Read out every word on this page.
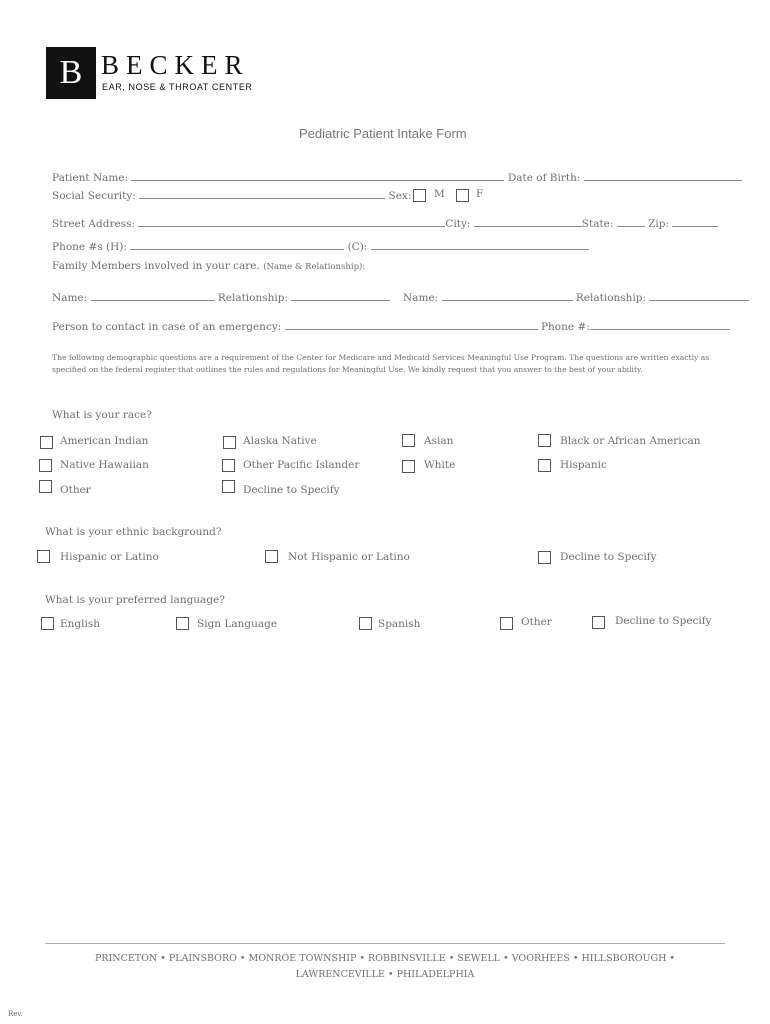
B BECKER
EAR, NOSE & THROAT CENTER
Pediatric Patient Intake Form
Patient Name:	Date of Birth:
Social Security:	Sex: M	F
Street Address:	City:	State:	Zip:
Phone #s (H):	(C):
Family Members involved in your care. (Name & Relationship):
Name:	Relationship:	Name:	Relationship:
Person to contact in case of an emergency:	Phone #:
The following demographic questions are a requirement of the Center for Medicare and Medicaid Services Meaningful Use Program. The questions are written exactly as specified on the federal register that outlines the rules and regulations for Meaningful Use. We kindly request that you answer to the best of your ability.
What is your race?
American Indian	Alaska Native	Asian	Black or African American
Native Hawaiian	Other Pacific Islander	White	Hispanic
Other	Decline to Specify
What is your ethnic background?
Hispanic or Latino	Not Hispanic or Latino	Decline to Specify
What is your preferred language?
English	Sign Language	Spanish	Other	Decline to Specify
PRINCETON • PLAINSBORO • MONROE TOWNSHIP • ROBBINSVILLE • SEWELL • VOORHEES • HILLSBOROUGH •
LAWRENCEVILLE • PHILADELPHIA
Rev.
